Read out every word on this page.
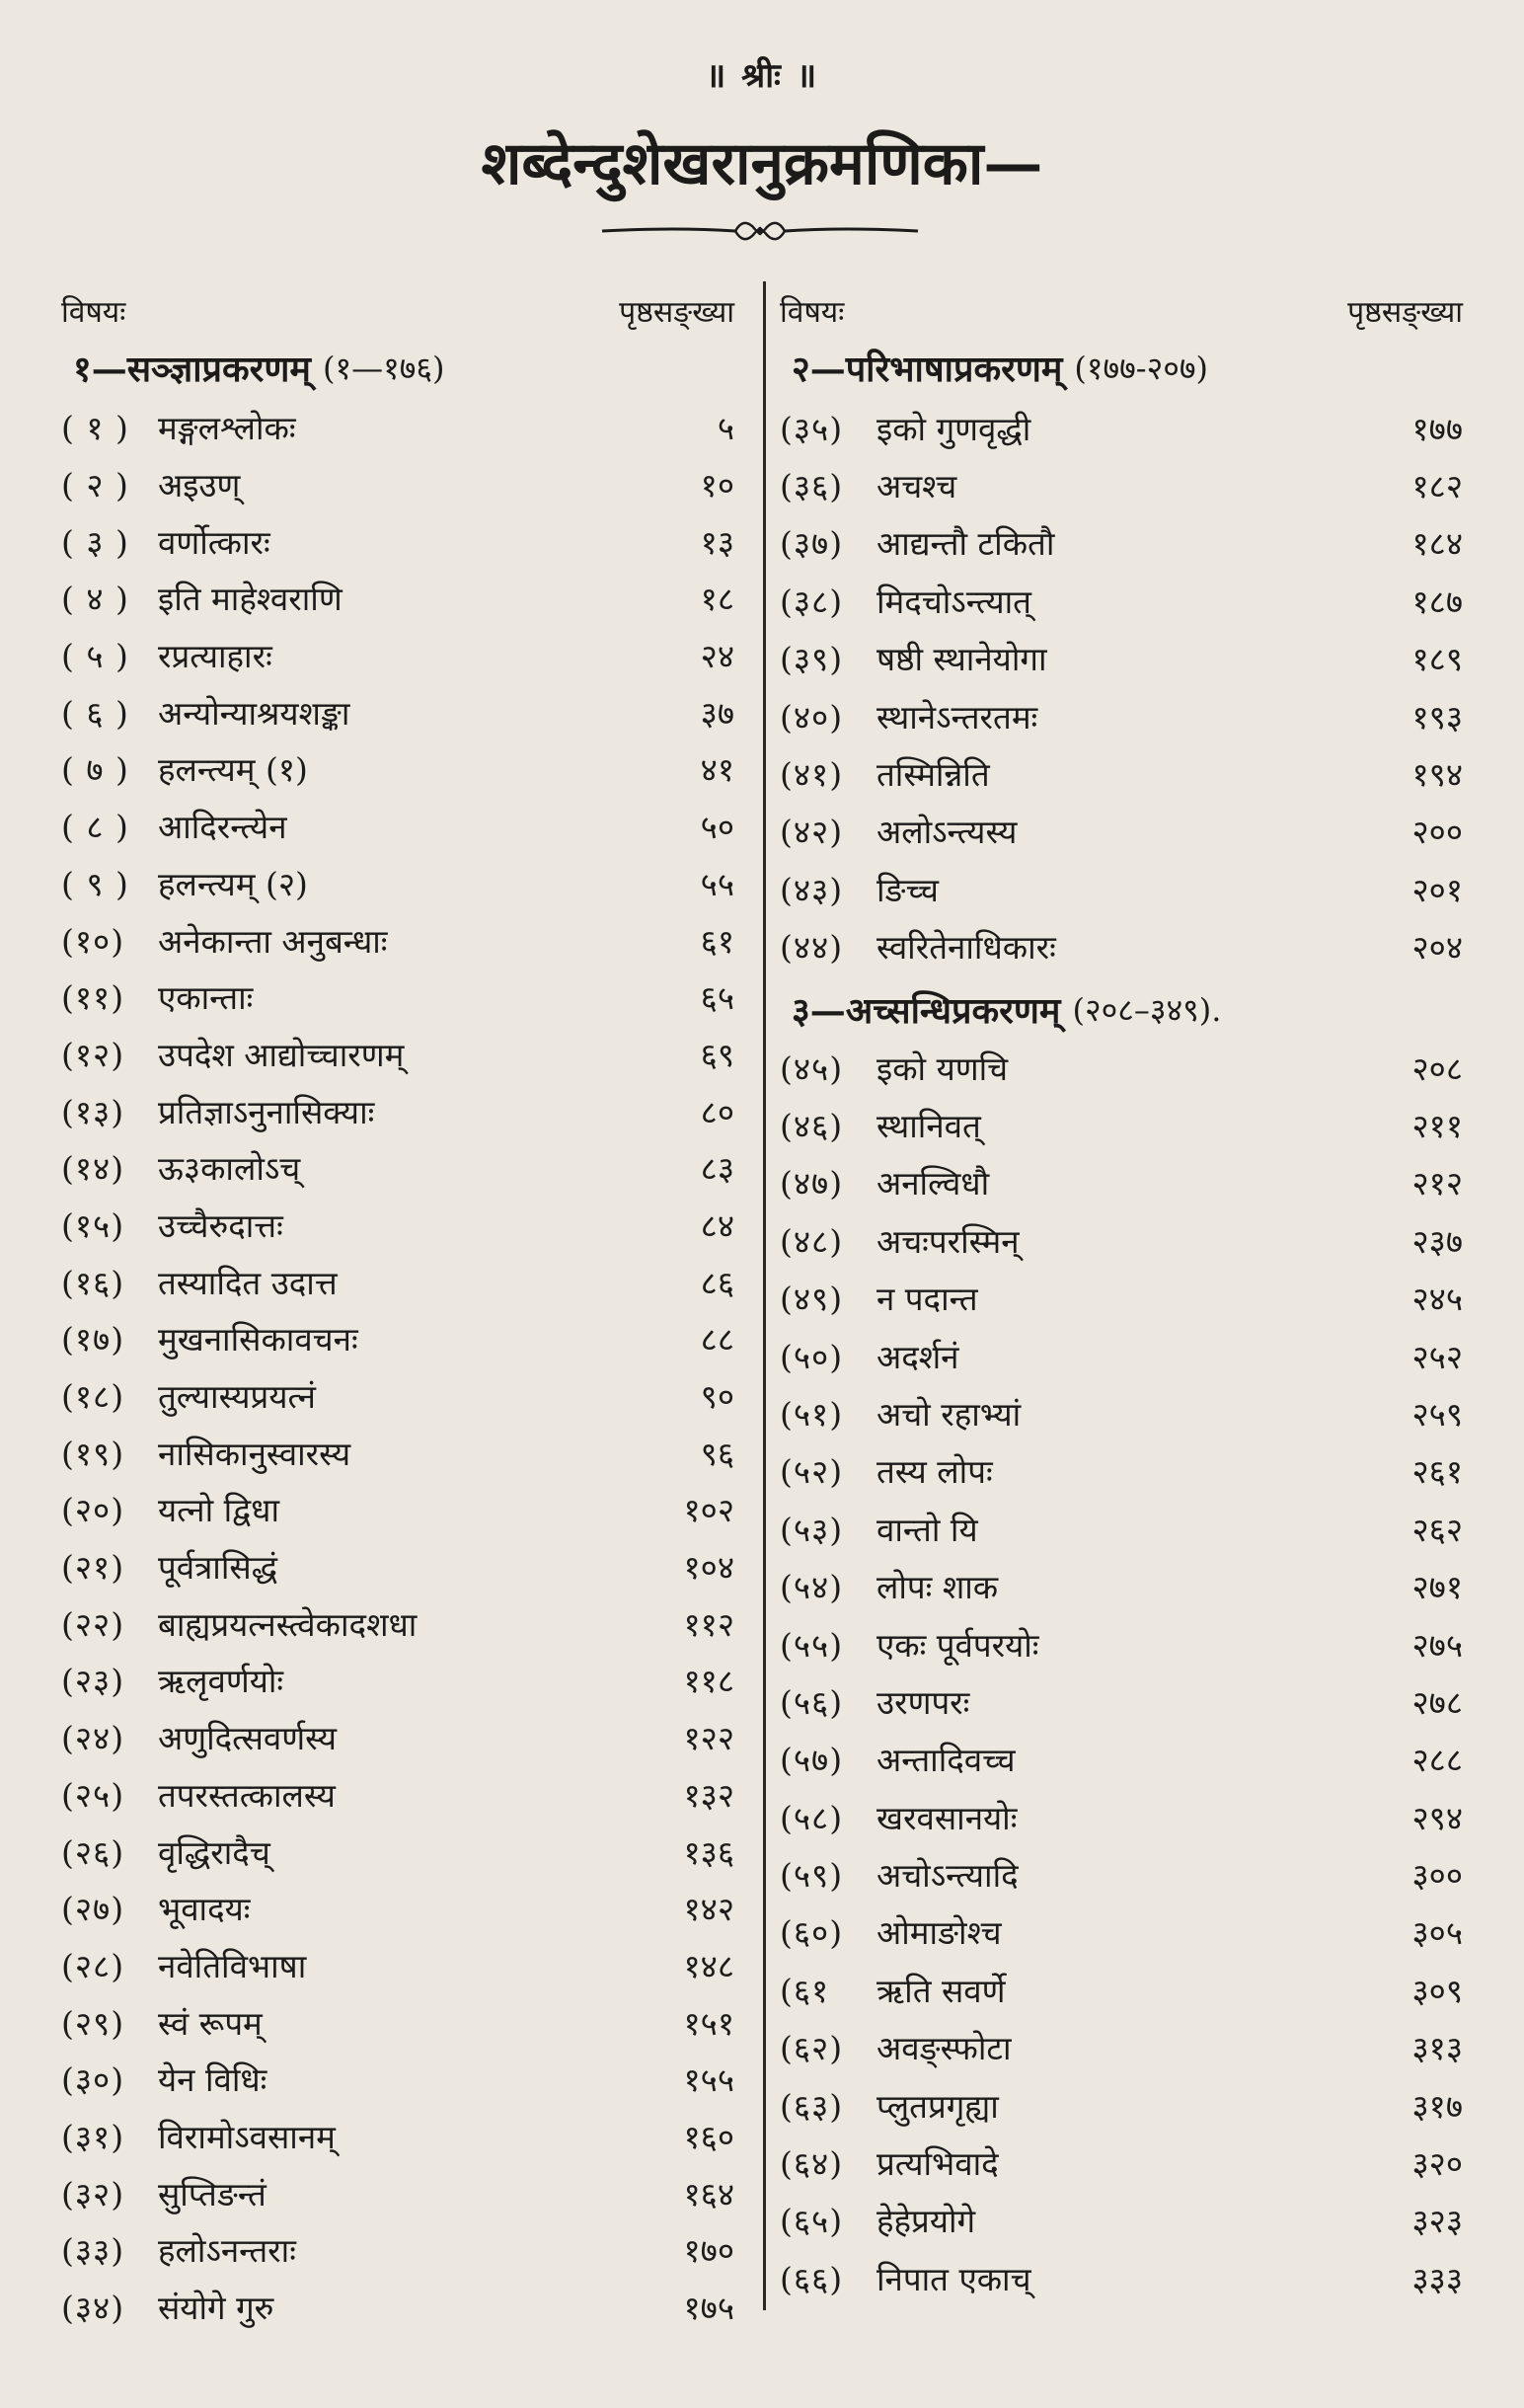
॥ श्रीः ॥
शब्देन्दुशेखरानुक्रमणिका—
विषयः	पृष्ठसङ्ख्या
१—सञ्ज्ञाप्रकरणम् (१—१७६)
( १ ) मङ्गलश्लोकः	५
( २ ) अइउण्	१०
( ३ ) वर्णोत्कारः	१३
( ४ ) इति माहेश्वराणि	१८
( ५ ) रप्रत्याहारः	२४
( ६ ) अन्योन्याश्रयशङ्का	३७
( ७ ) हलन्त्यम् (१)	४१
( ८ ) आदिरन्त्येन	५०
( ९ ) हलन्त्यम् (२)	५५
(१०)	अनेकान्ता अनुबन्धाः	६१
(११)	एकान्ताः	६५
(१२)	उपदेश आद्योच्चारणम्	६९
(१३)	प्रतिज्ञाऽनुनासिक्याः	८०
(१४)	ऊ३कालोऽच्	८३
(१५)	उच्चैरुदात्तः	८४
(१६)	तस्यादित उदात्त	८६
(१७)	मुखनासिकावचनः	८८
(१८)	तुल्यास्यप्रयत्नं	९०
(१९)	नासिकानुस्वारस्य	९६
(२०)	यत्नो द्विधा	१०२
(२१)	पूर्वत्रासिद्धं	१०४
(२२)	बाह्यप्रयत्नस्त्वेकादशधा	११२
(२३)	ऋलृवर्णयोः	११८
(२४)	अणुदित्सवर्णस्य	१२२
(२५)	तपरस्तत्कालस्य	१३२
(२६)	वृद्धिरादैच्	१३६
(२७)	भूवादयः	१४२
(२८)	नवेतिविभाषा	१४८
(२९)	स्वं रूपम्	१५१
(३०)	येन विधिः	१५५
(३१)	विरामोऽवसानम्	१६०
(३२)	सुप्तिङन्तं	१६४
(३३)	हलोऽनन्तराः	१७०
(३४)	संयोगे गुरु	१७५
विषयः	पृष्ठसङ्ख्या
२—परिभाषाप्रकरणम् (१७७-२०७)
(३५)	इको गुणवृद्धी	१७७
(३६)	अचश्च	१८२
(३७)	आद्यन्तौ टकितौ	१८४
(३८)	मिदचोऽन्त्यात्	१८७
(३९)	षष्ठी स्थानेयोगा	१८९
(४०)	स्थानेऽन्तरतमः	१९३
(४१)	तस्मिन्निति	१९४
(४२)	अलोऽन्त्यस्य	२००
(४३)	ङिच्च	२०१
(४४)	स्वरितेनाधिकारः	२०४
३—अच्सन्धिप्रकरणम् (२०८–३४९).
(४५)	इको यणचि	२०८
(४६)	स्थानिवत्	२११
(४७)	अनल्विधौ	२१२
(४८)	अचःपरस्मिन्	२३७
(४९)	न पदान्त	२४५
(५०)	अदर्शनं	२५२
(५१)	अचो रहाभ्यां	२५९
(५२)	तस्य लोपः	२६१
(५३)	वान्तो यि	२६२
(५४)	लोपः शाक	२७१
(५५)	एकः पूर्वपरयोः	२७५
(५६)	उरणपरः	२७८
(५७)	अन्तादिवच्च	२८८
(५८)	खरवसानयोः	२९४
(५९)	अचोऽन्त्यादि	३००
(६०)	ओमाङोश्च	३०५
(६१	ऋति सवर्णे	३०९
(६२)	अवङ्स्फोटा	३१३
(६३)	प्लुतप्रगृह्या	३१७
(६४)	प्रत्यभिवादे	३२०
(६५)	हेहेप्रयोगे	३२३
(६६)	निपात एकाच्	३३३
